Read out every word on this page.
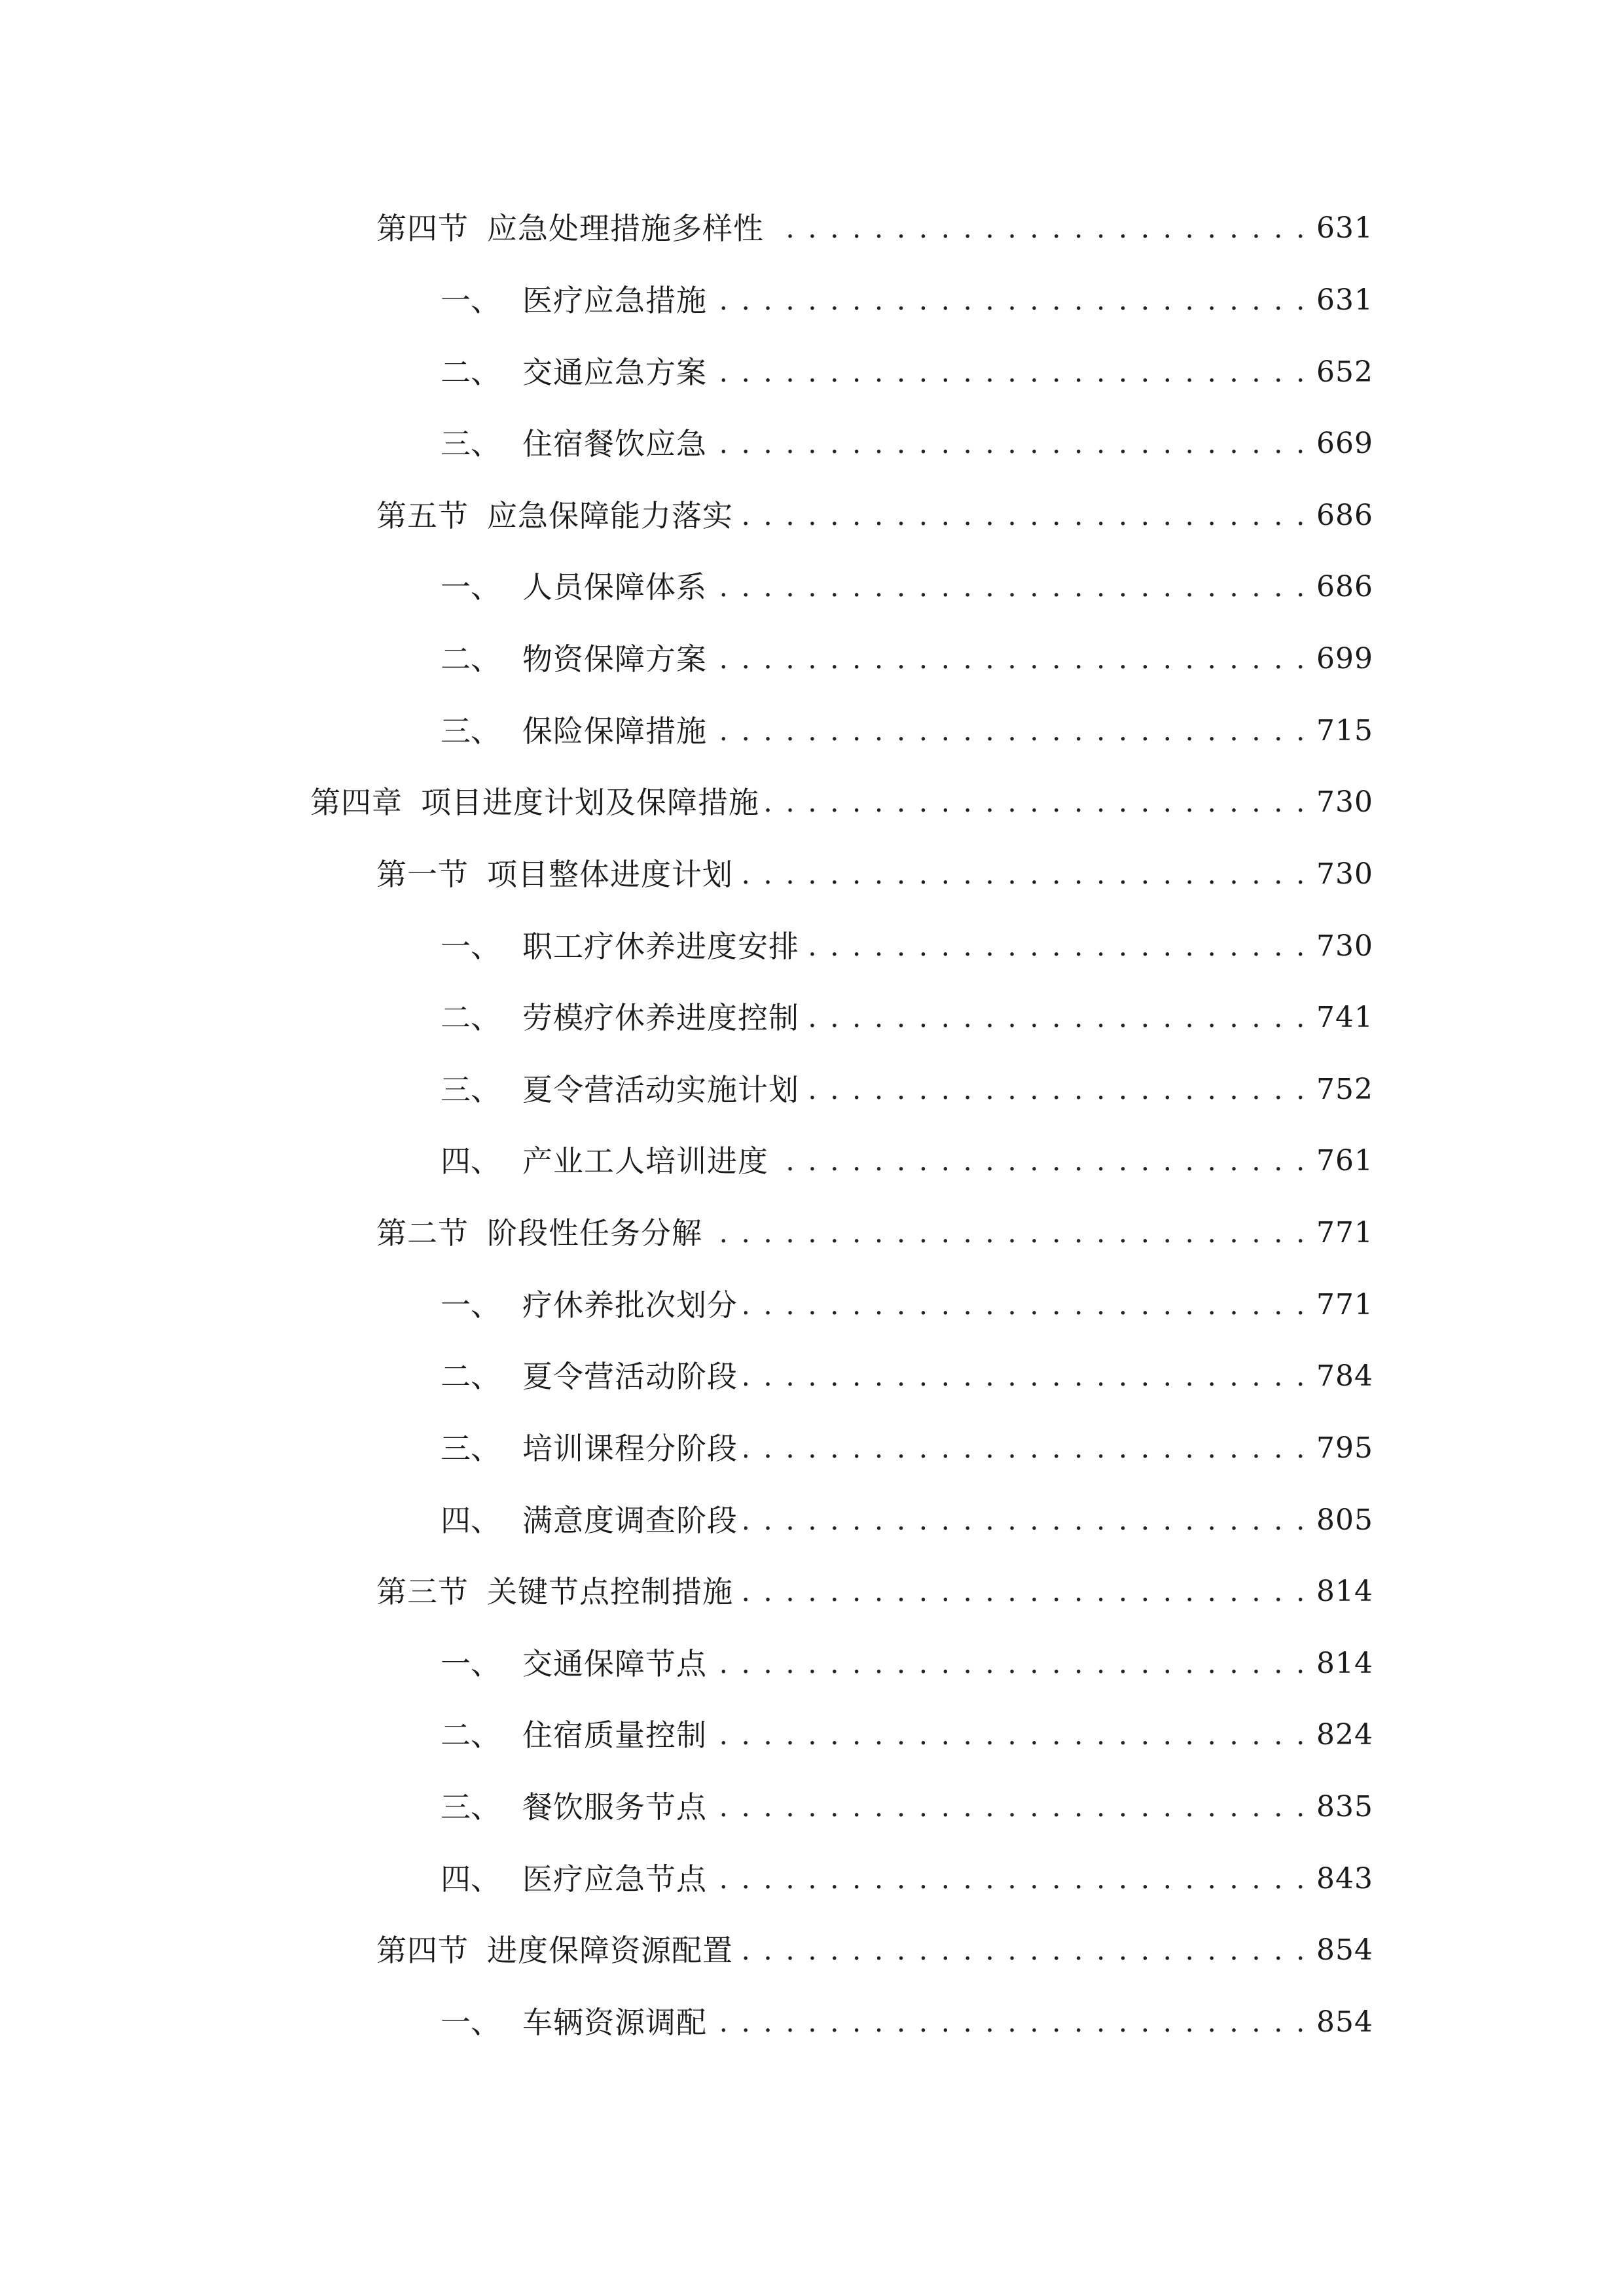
第四节 应急处理措施多样性 . . .	631
一、 医疗应急措施 . . .	631
二、 交通应急方案 . . .	652
三、 住宿餐饮应急 . . .	669
第五节 应急保障能力落实 . . .	686
一、 人员保障体系 . . .	686
二、 物资保障方案 . . .	699
三、 保险保障措施 . . .	715
第四章 项目进度计划及保障措施 . . .	730
第一节 项目整体进度计划 . . .	730
一、 职工疗休养进度安排 . . .	730
二、 劳模疗休养进度控制 . . .	741
三、 夏令营活动实施计划 . . .	752
四、 产业工人培训进度 . . .	761
第二节 阶段性任务分解 . . .	771
一、 疗休养批次划分 . . .	771
二、 夏令营活动阶段 . . .	784
三、 培训课程分阶段 . . .	795
四、 满意度调查阶段 . . .	805
第三节 关键节点控制措施 . . .	814
一、 交通保障节点 . . .	814
二、 住宿质量控制 . . .	824
三、 餐饮服务节点 . . .	835
四、 医疗应急节点 . . .	843
第四节 进度保障资源配置 . . .	854
一、 车辆资源调配 . . .	854
